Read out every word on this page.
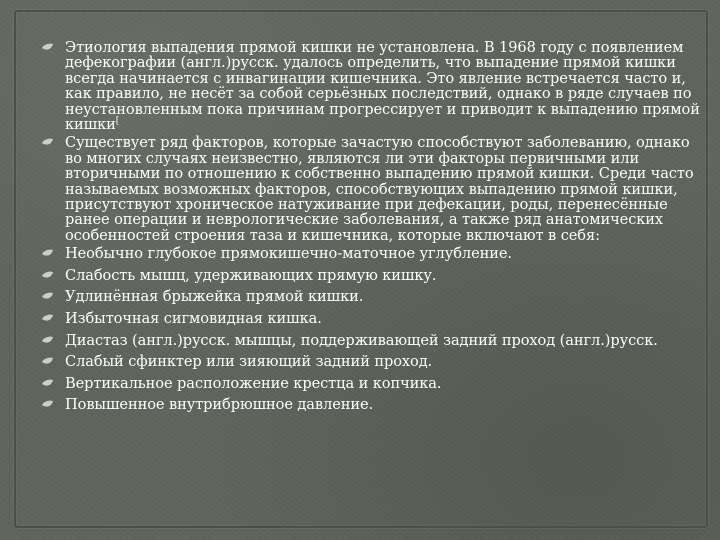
Этиология выпадения прямой кишки не установлена. В 1968 году с появлением дефекографии (англ.)русск. удалось определить, что выпадение прямой кишки всегда начинается с инвагинации кишечника. Это явление встречается часто и, как правило, не несёт за собой серьёзных последствий, однако в ряде случаев по неустановленным пока причинам прогрессирует и приводит к выпадению прямой кишки[
Существует ряд факторов, которые зачастую способствуют заболеванию, однако во многих случаях неизвестно, являются ли эти факторы первичными или вторичными по отношению к собственно выпадению прямой кишки. Среди часто называемых возможных факторов, способствующих выпадению прямой кишки, присутствуют хроническое натуживание при дефекации, роды, перенесённые ранее операции и неврологические заболевания, а также ряд анатомических особенностей строения таза и кишечника, которые включают в себя:
Необычно глубокое прямокишечно-маточное углубление.
Слабость мышц, удерживающих прямую кишку.
Удлинённая брыжейка прямой кишки.
Избыточная сигмовидная кишка.
Диастаз (англ.)русск. мышцы, поддерживающей задний проход (англ.)русск.
Слабый сфинктер или зияющий задний проход.
Вертикальное расположение крестца и копчика.
Повышенное внутрибрюшное давление.
